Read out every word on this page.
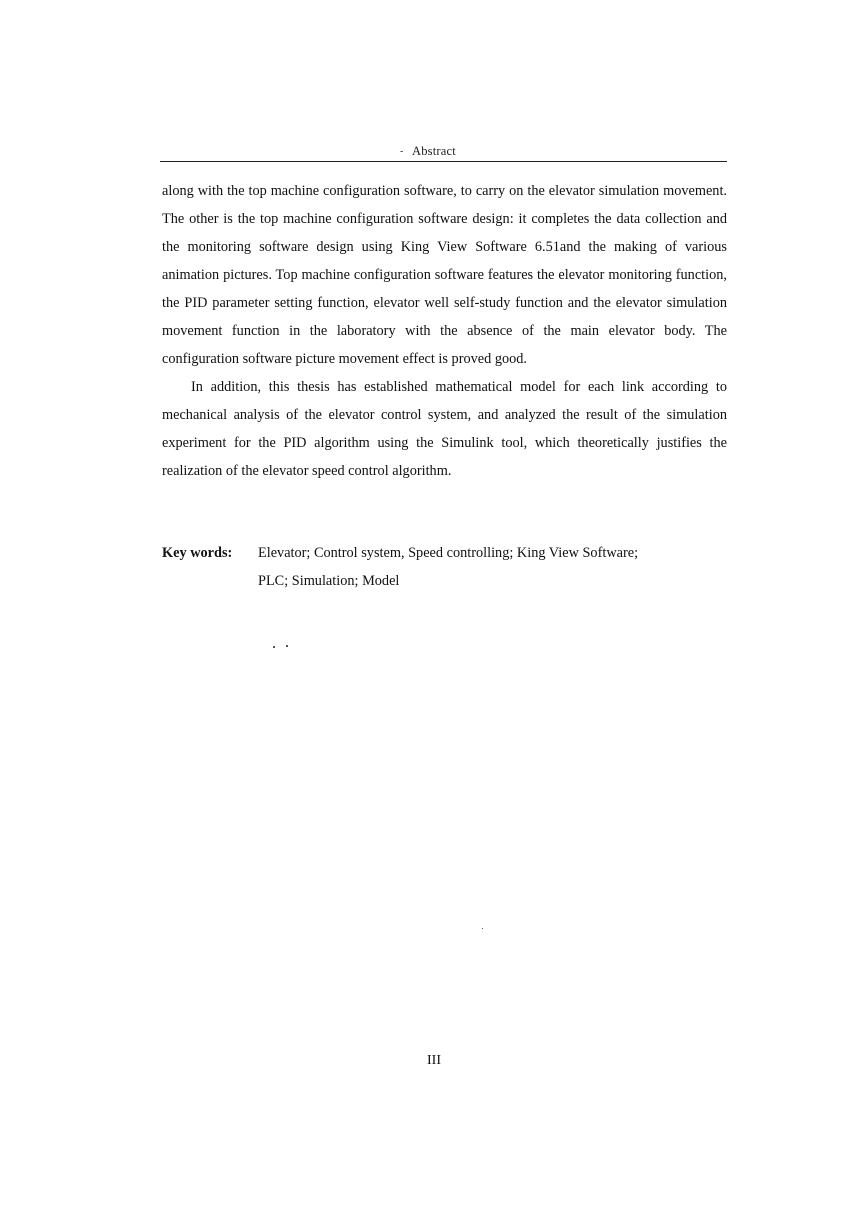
- Abstract

along with the top machine configuration software, to carry on the elevator simulation movement. The other is the top machine configuration software design: it completes the data collection and the monitoring software design using King View Software 6.51and the making of various animation pictures. Top machine configuration software features the elevator monitoring function, the PID parameter setting function, elevator well self-study function and the elevator simulation movement function in the laboratory with the absence of the main elevator body. The configuration software picture movement effect is proved good.

In addition, this thesis has established mathematical model for each link according to mechanical analysis of the elevator control system, and analyzed the result of the simulation experiment for the PID algorithm using the Simulink tool, which theoretically justifies the realization of the elevator speed control algorithm.

Key words: Elevator; Control system, Speed controlling; King View Software;
PLC; Simulation; Model
III
